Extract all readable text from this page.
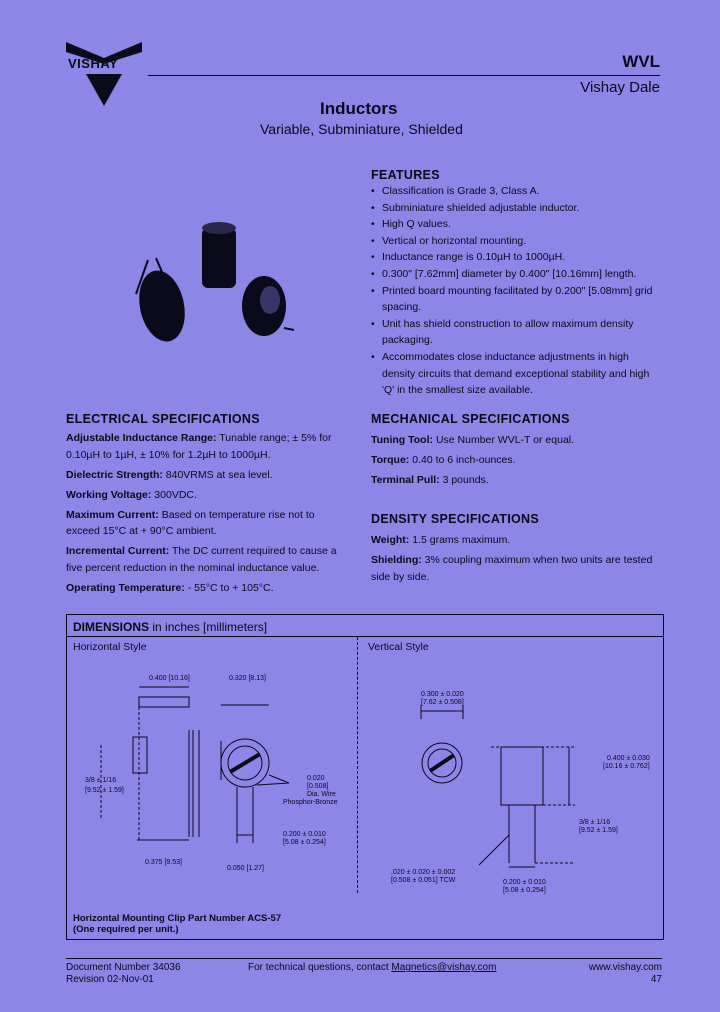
VISHAY	WVL
Vishay Dale
Inductors
Variable, Subminiature, Shielded
FEATURES
• Classification is Grade 3, Class A.
• Subminiature shielded adjustable inductor.
• High Q values.
• Vertical or horizontal mounting.
• Inductance range is 0.10µH to 1000µH.
• 0.300" [7.62mm] diameter by 0.400" [10.16mm] length.
• Printed board mounting facilitated by 0.200" [5.08mm] grid spacing.
• Unit has shield construction to allow maximum density packaging.
• Accommodates close inductance adjustments in high density circuits that demand exceptional stability and high 'Q' in the smallest size available.
ELECTRICAL SPECIFICATIONS
Adjustable Inductance Range: Tunable range; ± 5% for 0.10µH to 1µH, ± 10% for 1.2µH to 1000µH.
Dielectric Strength: 840VRMS at sea level.
Working Voltage: 300VDC.
Maximum Current: Based on temperature rise not to exceed 15°C at + 90°C ambient.
Incremental Current: The DC current required to cause a five percent reduction in the nominal inductance value.
Operating Temperature: - 55°C to + 105°C.
MECHANICAL SPECIFICATIONS
Tuning Tool: Use Number WVL-T or equal.
Torque: 0.40 to 6 inch-ounces.
Terminal Pull: 3 pounds.
DENSITY SPECIFICATIONS
Weight: 1.5 grams maximum.
Shielding: 3% coupling maximum when two units are tested side by side.
DIMENSIONS in inches [millimeters]
Horizontal Style	Vertical Style
0.400 [10.16]	0.320 [8.13]
3/8 ± 1/16
[9.52 ± 1.59]
0.020
[0.508]
Dia. Wire
Phosphor-Bronze
0.200 ± 0.010
[5.08 ± 0.254]
0.375 [9.53]
0.050 [1.27]
0.300 ± 0.020
[7.62 ± 0.508]
0.400 ± 0.030
[10.16 ± 0.762]
3/8 ± 1/16
[9.52 ± 1.59]
.020 ± 0.020 ± 0.002
[0.508 ± 0.051] TCW	0.200 ± 0.010
[5.08 ± 0.254]
Horizontal Mounting Clip Part Number ACS-57
(One required per unit.)
Document Number 34036
Revision 02-Nov-01
For technical questions, contact Magnetics@vishay.com	www.vishay.com
47
